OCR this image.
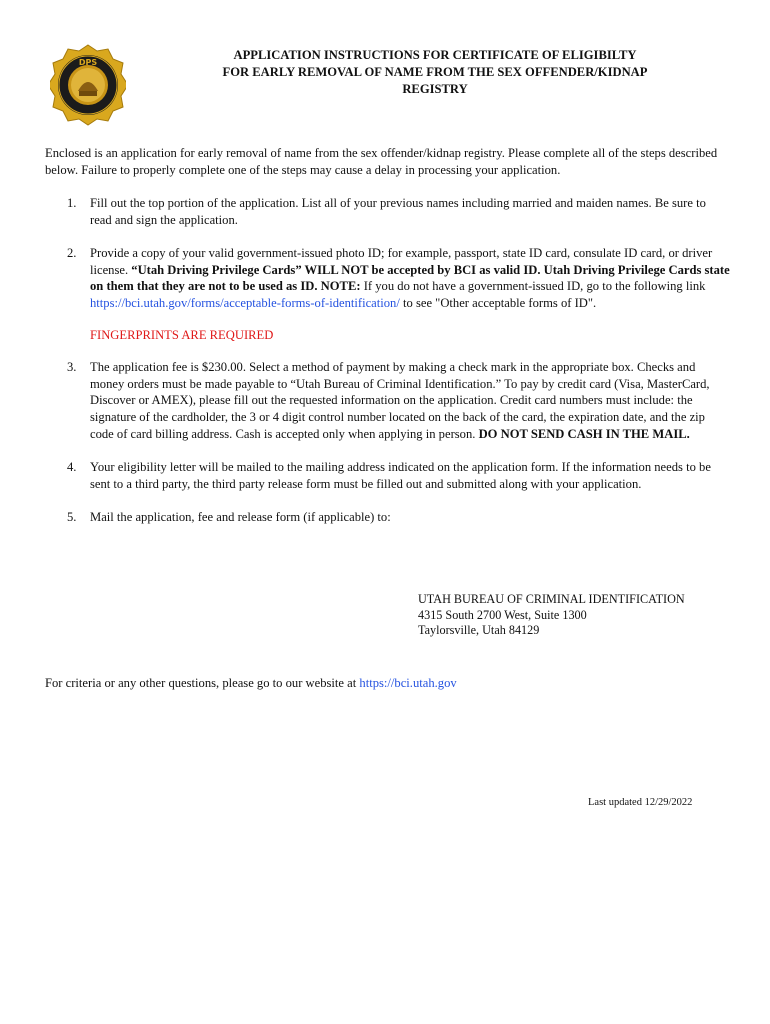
DPS
APPLICATION INSTRUCTIONS FOR CERTIFICATE OF ELIGIBILTY
FOR EARLY REMOVAL OF NAME FROM THE SEX OFFENDER/KIDNAP
REGISTRY

Enclosed is an application for early removal of name from the sex offender/kidnap registry. Please complete all of the steps described below. Failure to properly complete one of the steps may cause a delay in processing your application.

1. Fill out the top portion of the application. List all of your previous names including married and maiden names. Be sure to read and sign the application.
2. Provide a copy of your valid government-issued photo ID; for example, passport, state ID card, consulate ID card, or driver license. “Utah Driving Privilege Cards” WILL NOT be accepted by BCI as valid ID. Utah Driving Privilege Cards state on them that they are not to be used as ID. NOTE: If you do not have a government-issued ID, go to the following link https://bci.utah.gov/forms/acceptable-forms-of-identification/ to see "Other acceptable forms of ID".
FINGERPRINTS ARE REQUIRED
3. The application fee is $230.00. Select a method of payment by making a check mark in the appropriate box. Checks and money orders must be made payable to “Utah Bureau of Criminal Identification.” To pay by credit card (Visa, MasterCard, Discover or AMEX), please fill out the requested information on the application. Credit card numbers must include: the signature of the cardholder, the 3 or 4 digit control number located on the back of the card, the expiration date, and the zip code of card billing address. Cash is accepted only when applying in person. DO NOT SEND CASH IN THE MAIL.
4. Your eligibility letter will be mailed to the mailing address indicated on the application form. If the information needs to be sent to a third party, the third party release form must be filled out and submitted along with your application.
5. Mail the application, fee and release form (if applicable) to:
UTAH BUREAU OF CRIMINAL IDENTIFICATION
4315 South 2700 West, Suite 1300
Taylorsville, Utah 84129
For criteria or any other questions, please go to our website at https://bci.utah.gov
Last updated 12/29/2022
